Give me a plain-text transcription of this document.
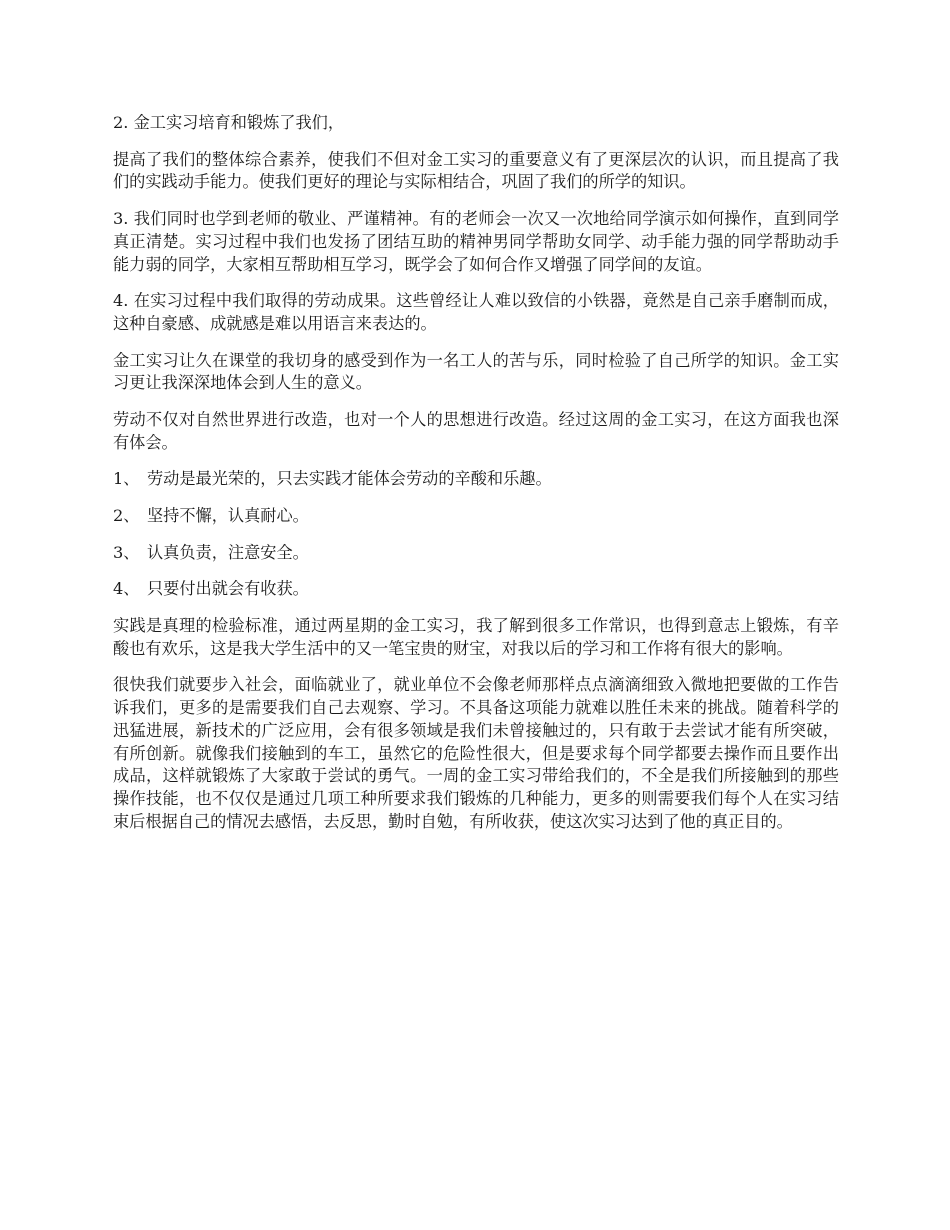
2. 金工实习培育和锻炼了我们，

提高了我们的整体综合素养，使我们不但对金工实习的重要意义有了更深层次的认识，而且提高了我们的实践动手能力。使我们更好的理论与实际相结合，巩固了我们的所学的知识。

3. 我们同时也学到老师的敬业、严谨精神。有的老师会一次又一次地给同学演示如何操作，直到同学真正清楚。实习过程中我们也发扬了团结互助的精神男同学帮助女同学、动手能力强的同学帮助动手能力弱的同学，大家相互帮助相互学习，既学会了如何合作又增强了同学间的友谊。

4. 在实习过程中我们取得的劳动成果。这些曾经让人难以致信的小铁器，竟然是自己亲手磨制而成，这种自豪感、成就感是难以用语言来表达的。

金工实习让久在课堂的我切身的感受到作为一名工人的苦与乐，同时检验了自己所学的知识。金工实习更让我深深地体会到人生的意义。

劳动不仅对自然世界进行改造，也对一个人的思想进行改造。经过这周的金工实习，在这方面我也深有体会。

1、 劳动是最光荣的，只去实践才能体会劳动的辛酸和乐趣。
2、 坚持不懈，认真耐心。
3、 认真负责，注意安全。
4、 只要付出就会有收获。

实践是真理的检验标准，通过两星期的金工实习，我了解到很多工作常识，也得到意志上锻炼，有辛酸也有欢乐，这是我大学生活中的又一笔宝贵的财宝，对我以后的学习和工作将有很大的影响。

很快我们就要步入社会，面临就业了，就业单位不会像老师那样点点滴滴细致入微地把要做的工作告诉我们，更多的是需要我们自己去观察、学习。不具备这项能力就难以胜任未来的挑战。随着科学的迅猛进展，新技术的广泛应用，会有很多领域是我们未曾接触过的，只有敢于去尝试才能有所突破，有所创新。就像我们接触到的车工，虽然它的危险性很大，但是要求每个同学都要去操作而且要作出成品，这样就锻炼了大家敢于尝试的勇气。一周的金工实习带给我们的，不全是我们所接触到的那些操作技能，也不仅仅是通过几项工种所要求我们锻炼的几种能力，更多的则需要我们每个人在实习结束后根据自己的情况去感悟，去反思，勤时自勉，有所收获，使这次实习达到了他的真正目的。
